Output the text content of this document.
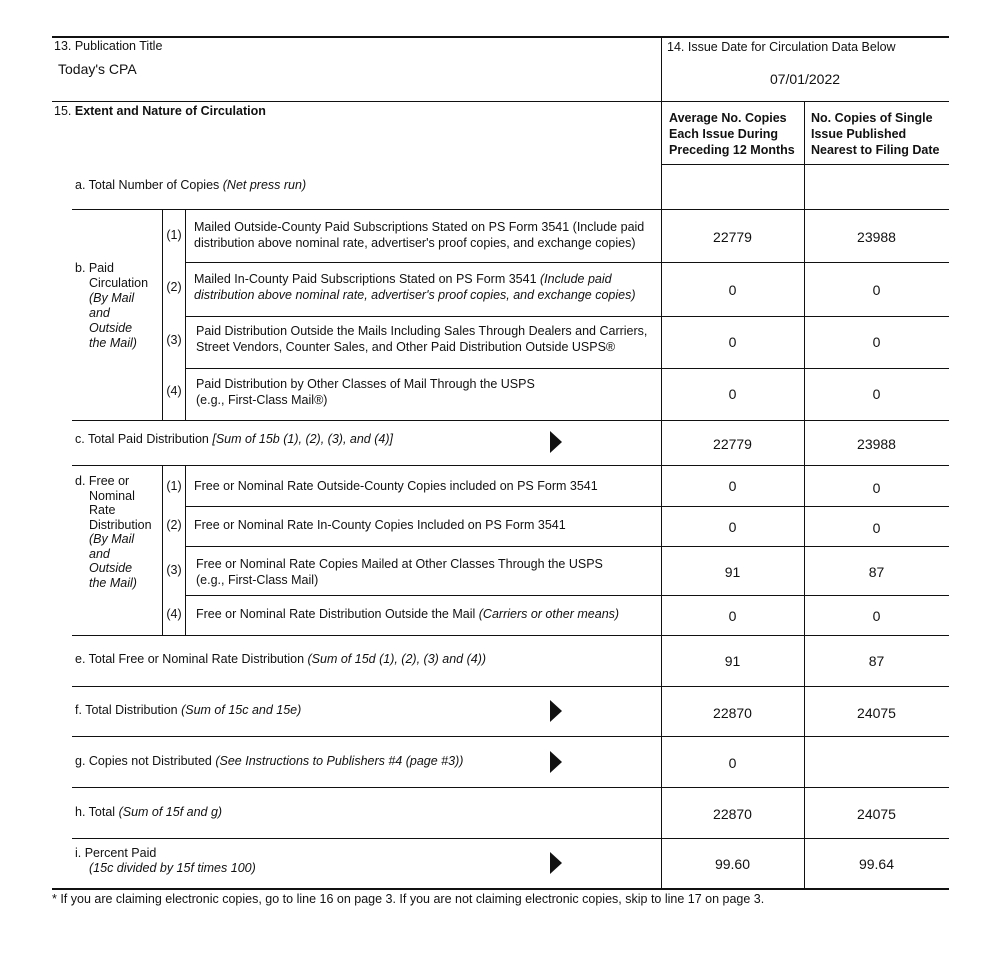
13. Publication Title
Today's CPA
14. Issue Date for Circulation Data Below
07/01/2022
15. Extent and Nature of Circulation	Average No. Copies Each Issue During Preceding 12 Months
No. Copies of Single Issue Published Nearest to Filing Date
a. Total Number of Copies (Net press run)
b. Paid
Circulation
(By Mail and Outside the Mail)
(1)
Mailed Outside-County Paid Subscriptions Stated on PS Form 3541 (Include paid distribution above nominal rate, advertiser's proof copies, and exchange copies)	22779	23988
(2)
Mailed In-County Paid Subscriptions Stated on PS Form 3541 (Include paid distribution above nominal rate, advertiser's proof copies, and exchange copies)	0	0
(3)
Paid Distribution Outside the Mails Including Sales Through Dealers and Carriers, Street Vendors, Counter Sales, and Other Paid Distribution Outside USPS®	0	0
(4) Paid Distribution by Other Classes of Mail Through the USPS
(e.g., First-Class Mail®)	0	0
c. Total Paid Distribution [Sum of 15b (1), (2), (3), and (4)]	22779	23988
d. Free or Nominal Rate Distribution
(By Mail and Outside the Mail)
(1) Free or Nominal Rate Outside-County Copies included on PS Form 3541	0	0
(2) Free or Nominal Rate In-County Copies Included on PS Form 3541	0	0
(3) Free or Nominal Rate Copies Mailed at Other Classes Through the USPS
(e.g., First-Class Mail)	91	87
(4) Free or Nominal Rate Distribution Outside the Mail (Carriers or other means)	0	0
e. Total Free or Nominal Rate Distribution (Sum of 15d (1), (2), (3) and (4))	91	87
f. Total Distribution (Sum of 15c and 15e)	22870	24075
g. Copies not Distributed (See Instructions to Publishers #4 (page #3))	0
h. Total (Sum of 15f and g)	22870	24075
i. Percent Paid
(15c divided by 15f times 100)	99.60	99.64
* If you are claiming electronic copies, go to line 16 on page 3. If you are not claiming electronic copies, skip to line 17 on page 3.
